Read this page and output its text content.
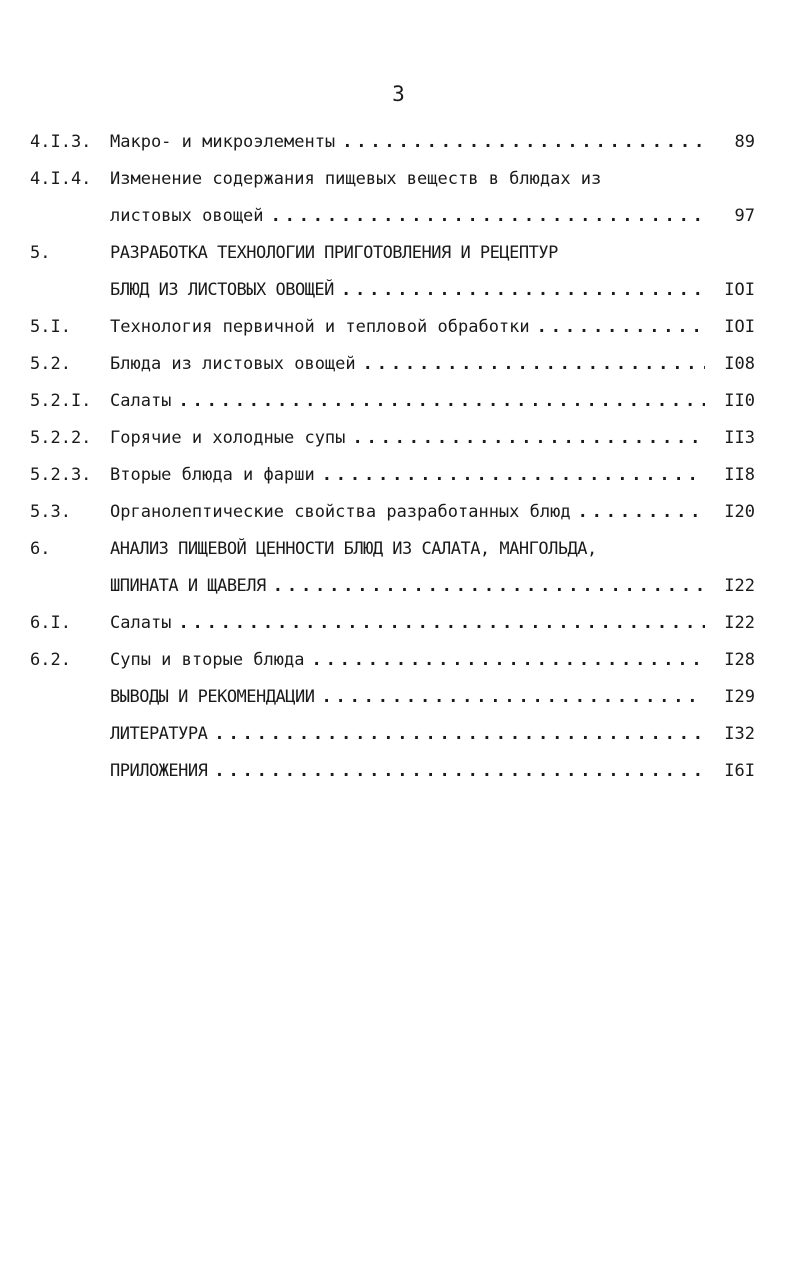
3
4.I.3. Макро- и микроэлементы . . .	89
4.I.4. Изменение содержания пищевых веществ в блюдах из
листовых овощей . . .	97
5.	РАЗРАБОТКА ТЕХНОЛОГИИ ПРИГОТОВЛЕНИЯ И РЕЦЕПТУР
БЛЮД ИЗ ЛИСТОВЫХ ОВОЩЕЙ . . .	IOI
5.I. Технология первичной и тепловой обработки . . .	IOI
5.2. Блюда из листовых овощей . . .	I08
5.2.I. Салаты . . .	II0
5.2.2. Горячие и холодные супы . . .	II3
5.2.3. Вторые блюда и фарши . . .	II8
5.3. Органолептические свойства разработанных блюд . . .	I20
6.	АНАЛИЗ ПИЩЕВОЙ ЦЕННОСТИ БЛЮД ИЗ САЛАТА, МАНГОЛЬДА,
ШПИНАТА И ЩАВЕЛЯ . . .	I22
6.I. Салаты . . .	I22
6.2. Супы и вторые блюда . . .	I28
ВЫВОДЫ И РЕКОМЕНДАЦИИ . . .	I29
ЛИТЕРАТУРА . . .	I32
ПРИЛОЖЕНИЯ . . .	I6I
